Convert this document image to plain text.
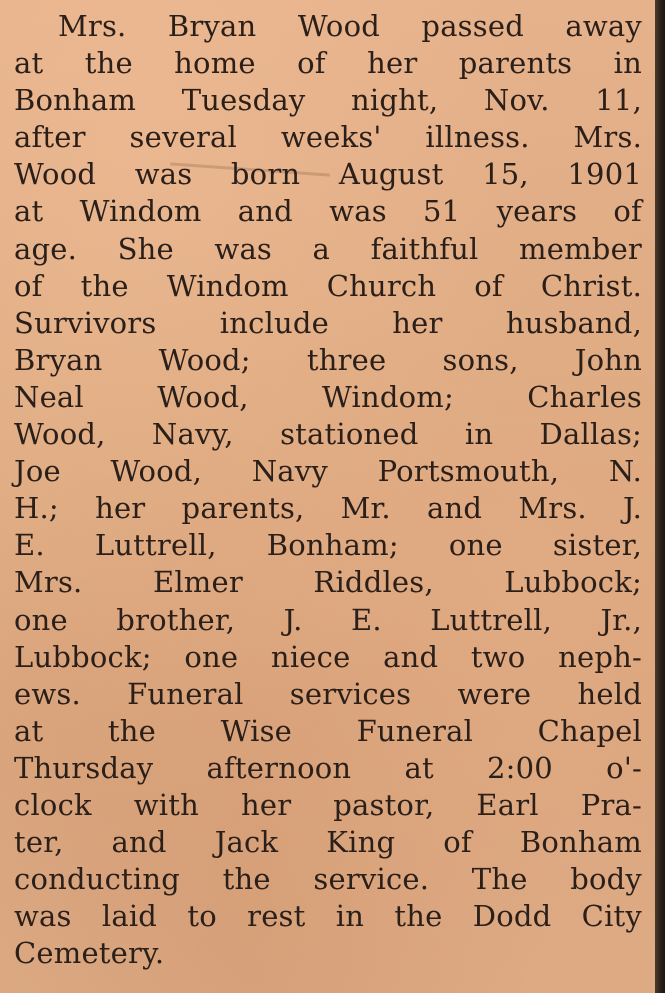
Mrs. Bryan Wood passed away
at the home of her parents in
Bonham Tuesday night, Nov. 11,
after several weeks' illness. Mrs.
Wood was born August 15, 1901
at Windom and was 51 years of
age. She was a faithful member
of the Windom Church of Christ.
Survivors include her husband,
Bryan Wood; three sons, John
Neal Wood, Windom; Charles
Wood, Navy, stationed in Dallas;
Joe Wood, Navy Portsmouth, N.
H.; her parents, Mr. and Mrs. J.
E. Luttrell, Bonham; one sister,
Mrs. Elmer Riddles, Lubbock;
one brother, J. E. Luttrell, Jr.,
Lubbock; one niece and two neph-
ews. Funeral services were held
at the Wise Funeral Chapel
Thursday afternoon at 2:00 o'-
clock with her pastor, Earl Pra-
ter, and Jack King of Bonham
conducting the service. The body
was laid to rest in the Dodd City
Cemetery.
